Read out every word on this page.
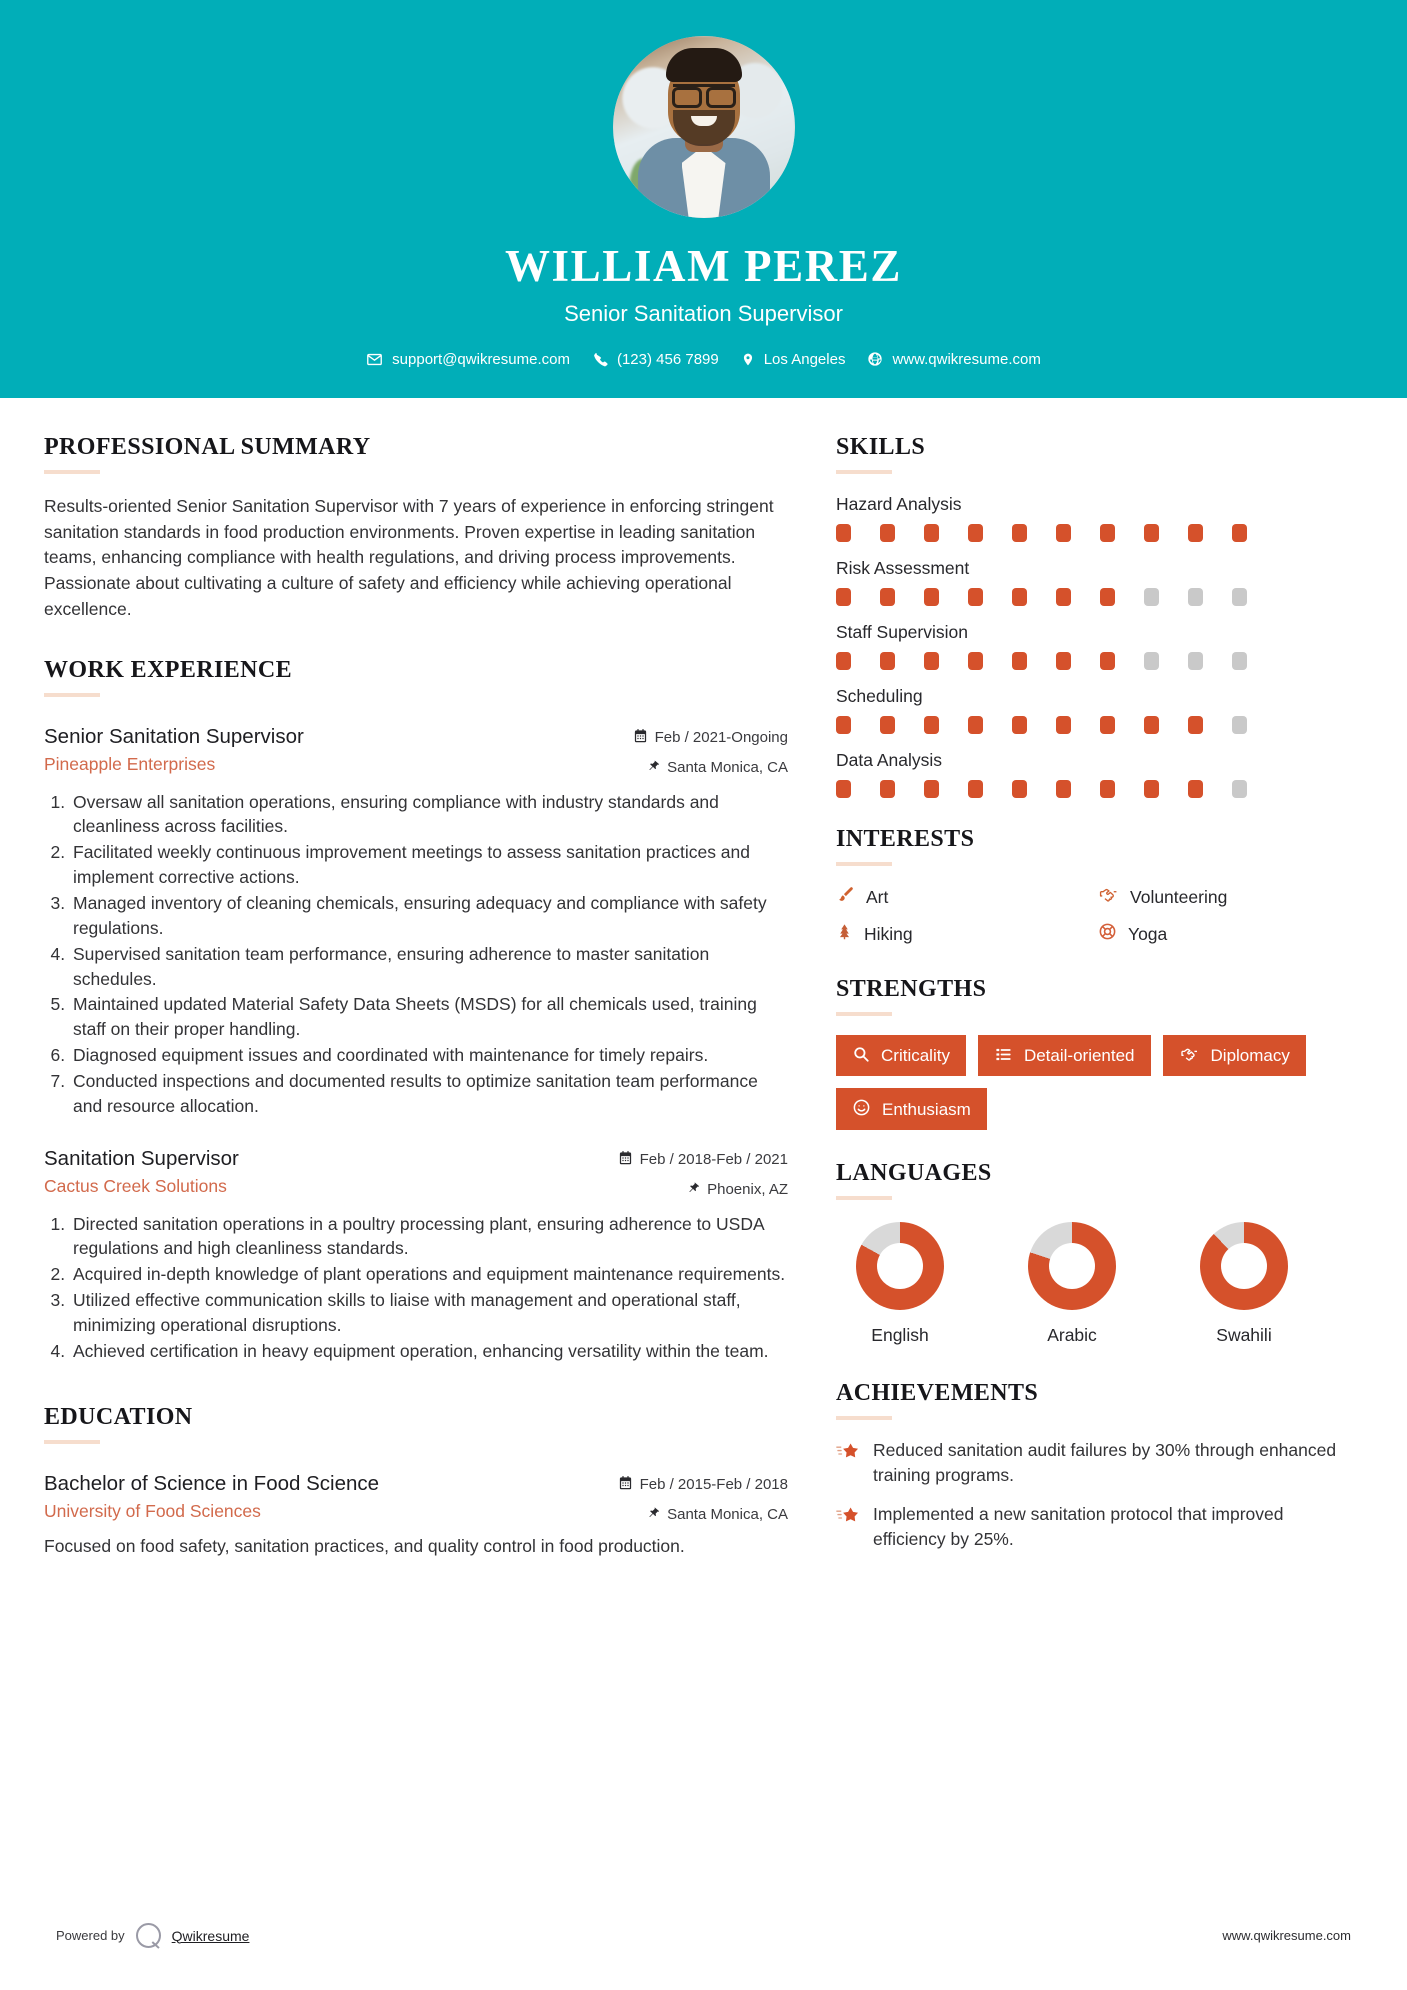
WILLIAM PEREZ
Senior Sanitation Supervisor
support@qwikresume.com	(123) 456 7899	Los Angeles	www.qwikresume.com
PROFESSIONAL SUMMARY
Results-oriented Senior Sanitation Supervisor with 7 years of experience in enforcing stringent sanitation standards in food production environments. Proven expertise in leading sanitation teams, enhancing compliance with health regulations, and driving process improvements. Passionate about cultivating a culture of safety and efficiency while achieving operational excellence.
WORK EXPERIENCE
Senior Sanitation Supervisor
Pineapple Enterprises
Feb / 2021-Ongoing
Santa Monica, CA
1. Oversaw all sanitation operations, ensuring compliance with industry standards and cleanliness across facilities.
2. Facilitated weekly continuous improvement meetings to assess sanitation practices and implement corrective actions.
3. Managed inventory of cleaning chemicals, ensuring adequacy and compliance with safety regulations.
4. Supervised sanitation team performance, ensuring adherence to master sanitation schedules.
5. Maintained updated Material Safety Data Sheets (MSDS) for all chemicals used, training staff on their proper handling.
6. Diagnosed equipment issues and coordinated with maintenance for timely repairs.
7. Conducted inspections and documented results to optimize sanitation team performance and resource allocation.
Sanitation Supervisor
Cactus Creek Solutions
Feb / 2018-Feb / 2021
Phoenix, AZ
1. Directed sanitation operations in a poultry processing plant, ensuring adherence to USDA regulations and high cleanliness standards.
2. Acquired in-depth knowledge of plant operations and equipment maintenance requirements.
3. Utilized effective communication skills to liaise with management and operational staff, minimizing operational disruptions.
4. Achieved certification in heavy equipment operation, enhancing versatility within the team.
EDUCATION
Bachelor of Science in Food Science
University of Food Sciences
Feb / 2015-Feb / 2018
Santa Monica, CA
Focused on food safety, sanitation practices, and quality control in food production.
SKILLS
Hazard Analysis
Risk Assessment
Staff Supervision
Scheduling
Data Analysis
INTERESTS
Art	Volunteering
Hiking	Yoga
STRENGTHS
Criticality	Detail-oriented	Diplomacy
Enthusiasm
LANGUAGES
English	Arabic	Swahili
ACHIEVEMENTS
Reduced sanitation audit failures by 30% through enhanced training programs.
Implemented a new sanitation protocol that improved efficiency by 25%.
Powered by	Qwikresume	www.qwikresume.com
